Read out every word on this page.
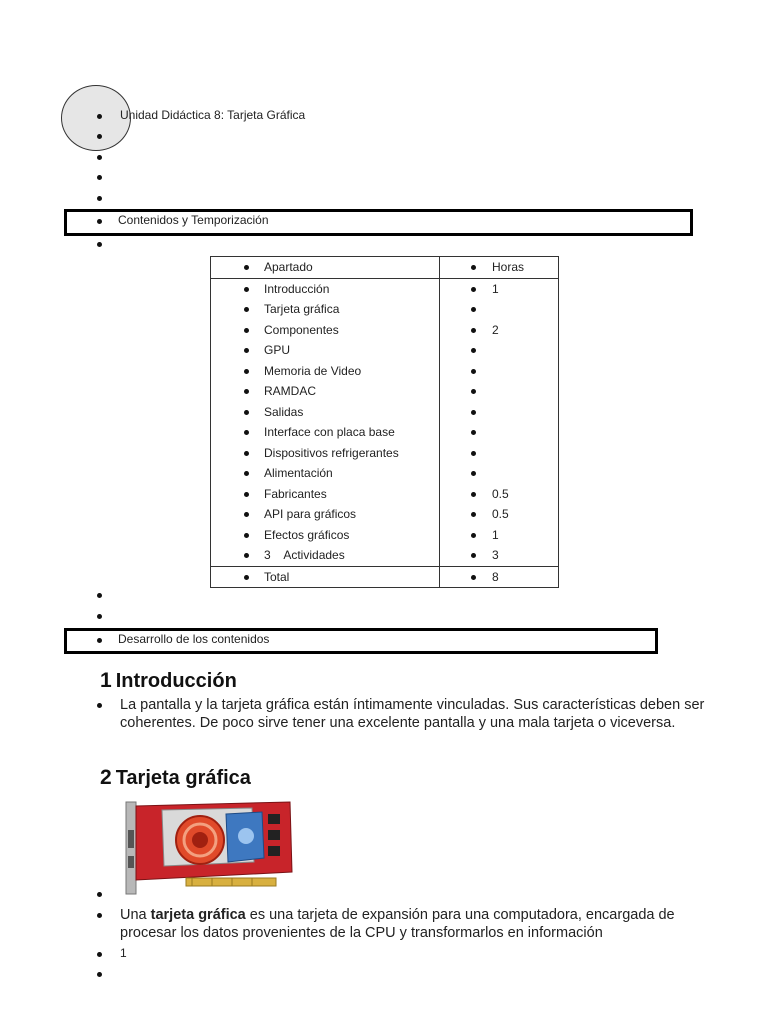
Unidad Didáctica 8: Tarjeta Gráfica
Contenidos y Temporización
Apartado	Horas

Introducción	1

Tarjeta gráfica	

Componentes	2

GPU	

Memoria de Video	

RAMDAC	

Salidas	

Interface con placa base	

Dispositivos refrigerantes	

Alimentación	

Fabricantes	0.5

API para gráficos	0.5

Efectos gráficos	1

3    Actividades	3

Total	8
Desarrollo de los contenidos
1 Introducción
La pantalla y la tarjeta gráfica están íntimamente vinculadas. Sus características deben ser coherentes. De poco sirve tener una excelente pantalla y una mala tarjeta o viceversa.
2 Tarjeta gráfica
Una tarjeta gráfica es una tarjeta de expansión para una computadora, encargada de procesar los datos provenientes de la CPU y transformarlos en información
1
